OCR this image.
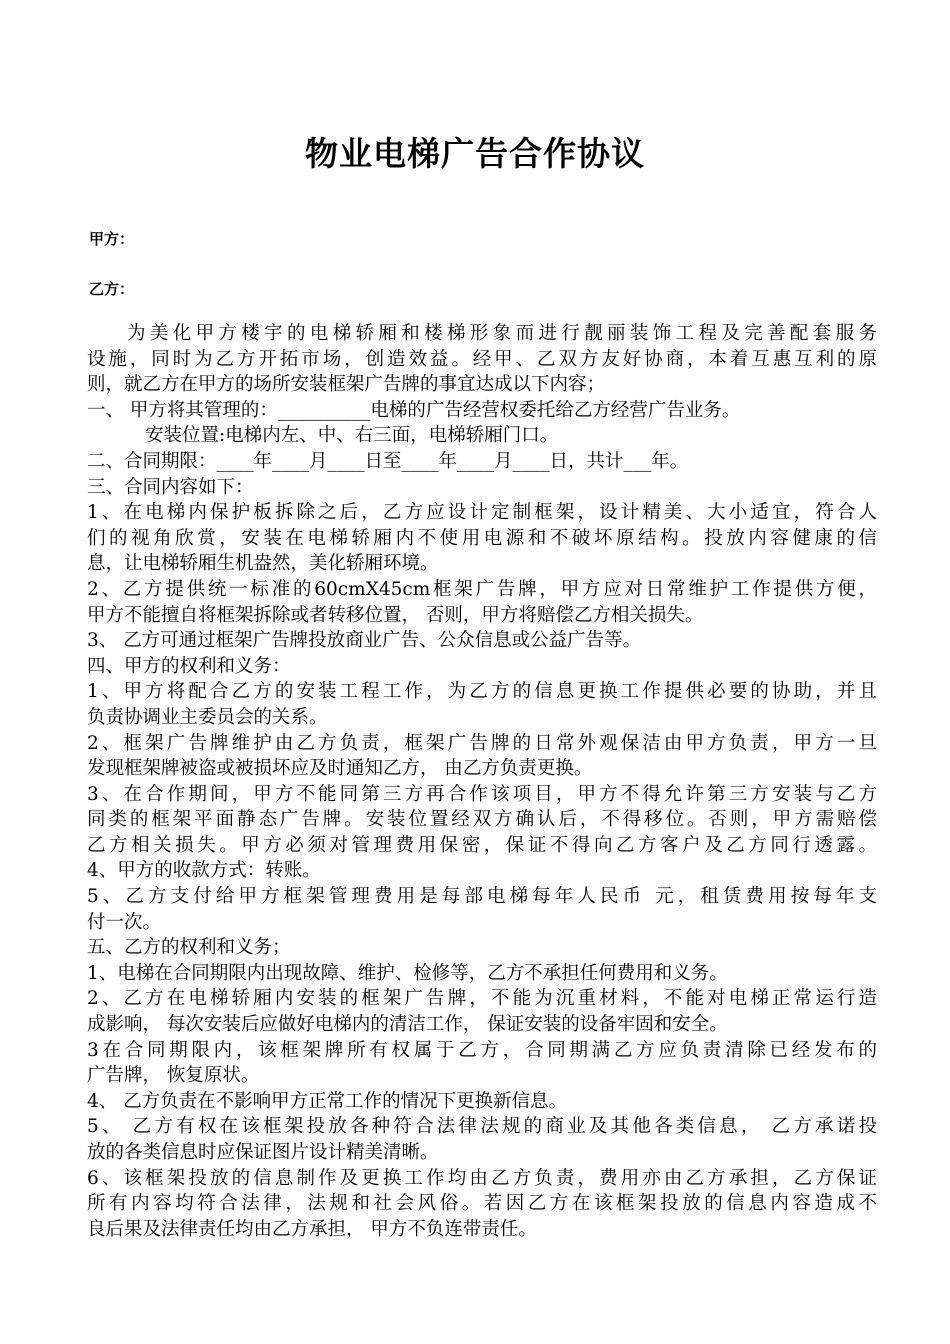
物业电梯广告合作协议
甲方：
乙方：
为美化甲方楼宇的电梯轿厢和楼梯形象而进行靓丽装饰工程及完善配套服务
设施，同时为乙方开拓市场，创造效益。经甲、乙双方友好协商，本着互惠互利的原
则，就乙方在甲方的场所安装框架广告牌的事宜达成以下内容；
一、 甲方将其管理的：__________电梯的广告经营权委托给乙方经营广告业务。
安装位置:电梯内左、中、右三面，电梯轿厢门口。
二、合同期限：____年____月____日至____年____月____日，共计___年。
三、合同内容如下：
1、在电梯内保护板拆除之后，乙方应设计定制框架，设计精美、大小适宜，符合人
们的视角欣赏，安装在电梯轿厢内不使用电源和不破坏原结构。投放内容健康的信
息，让电梯轿厢生机盎然，美化轿厢环境。
2、乙方提供统一标准的60cmX45cm框架广告牌，甲方应对日常维护工作提供方便，
甲方不能擅自将框架拆除或者转移位置， 否则，甲方将赔偿乙方相关损失。
3、 乙方可通过框架广告牌投放商业广告、公众信息或公益广告等。
四、甲方的权利和义务：
1、甲方将配合乙方的安装工程工作，为乙方的信息更换工作提供必要的协助，并且
负责协调业主委员会的关系。
2、框架广告牌维护由乙方负责，框架广告牌的日常外观保洁由甲方负责，甲方一旦
发现框架牌被盗或被损坏应及时通知乙方， 由乙方负责更换。
3、在合作期间，甲方不能同第三方再合作该项目，甲方不得允许第三方安装与乙方
同类的框架平面静态广告牌。安装位置经双方确认后，不得移位。否则，甲方需赔偿
乙方相关损失。甲方必须对管理费用保密，保证不得向乙方客户及乙方同行透露。
4、甲方的收款方式：转账。
5、乙方支付给甲方框架管理费用是每部电梯每年人民币 元，租赁费用按每年支
付一次。
五、乙方的权利和义务；
1、电梯在合同期限内出现故障、维护、检修等，乙方不承担任何费用和义务。
2、乙方在电梯轿厢内安装的框架广告牌，不能为沉重材料，不能对电梯正常运行造
成影响， 每次安装后应做好电梯内的清洁工作， 保证安装的设备牢固和安全。
3在合同期限内，该框架牌所有权属于乙方，合同期满乙方应负责清除已经发布的
广告牌， 恢复原状。
4、 乙方负责在不影响甲方正常工作的情况下更换新信息。
5、 乙方有权在该框架投放各种符合法律法规的商业及其他各类信息， 乙方承诺投
放的各类信息时应保证图片设计精美清晰。
6、该框架投放的信息制作及更换工作均由乙方负责，费用亦由乙方承担，乙方保证
所有内容均符合法律，法规和社会风俗。若因乙方在该框架投放的信息内容造成不
良后果及法律责任均由乙方承担， 甲方不负连带责任。
